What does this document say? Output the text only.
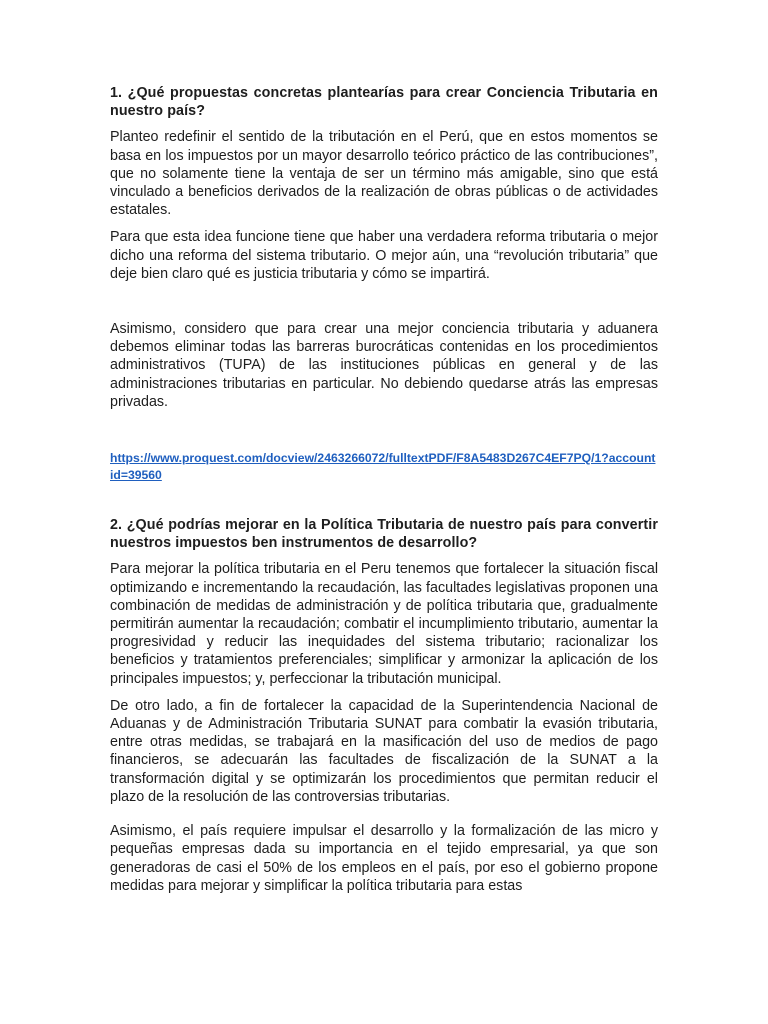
1. ¿Qué propuestas concretas plantearías para crear Conciencia Tributaria en nuestro país?
Planteo redefinir el sentido de la tributación en el Perú, que en estos momentos se basa en los impuestos por un mayor desarrollo teórico práctico de las contribuciones”, que no solamente tiene la ventaja de ser un término más amigable, sino que está vinculado a beneficios derivados de la realización de obras públicas o de actividades estatales.
Para que esta idea funcione tiene que haber una verdadera reforma tributaria o mejor dicho una reforma del sistema tributario. O mejor aún, una “revolución tributaria” que deje bien claro qué es justicia tributaria y cómo se impartirá.
Asimismo, considero que para crear una mejor conciencia tributaria y aduanera debemos eliminar todas las barreras burocráticas contenidas en los procedimientos administrativos (TUPA) de las instituciones públicas en general y de las administraciones tributarias en particular. No debiendo quedarse atrás las empresas privadas.
https://www.proquest.com/docview/2463266072/fulltextPDF/F8A5483D267C4EF7PQ/1?accountid=39560
2. ¿Qué podrías mejorar en la Política Tributaria de nuestro país para convertir nuestros impuestos ben instrumentos de desarrollo?
Para mejorar la política tributaria en el Peru tenemos que fortalecer la situación fiscal optimizando e incrementando la recaudación, las facultades legislativas proponen una combinación de medidas de administración y de política tributaria que, gradualmente permitirán aumentar la recaudación; combatir el incumplimiento tributario, aumentar la progresividad y reducir las inequidades del sistema tributario; racionalizar los beneficios y tratamientos preferenciales; simplificar y armonizar la aplicación de los principales impuestos; y, perfeccionar la tributación municipal.
De otro lado, a fin de fortalecer la capacidad de la Superintendencia Nacional de Aduanas y de Administración Tributaria SUNAT para combatir la evasión tributaria, entre otras medidas, se trabajará en la masificación del uso de medios de pago financieros, se adecuarán las facultades de fiscalización de la SUNAT a la transformación digital y se optimizarán los procedimientos que permitan reducir el plazo de la resolución de las controversias tributarias.
Asimismo, el país requiere impulsar el desarrollo y la formalización de las micro y pequeñas empresas dada su importancia en el tejido empresarial, ya que son generadoras de casi el 50% de los empleos en el país, por eso el gobierno propone medidas para mejorar y simplificar la política tributaria para estas
